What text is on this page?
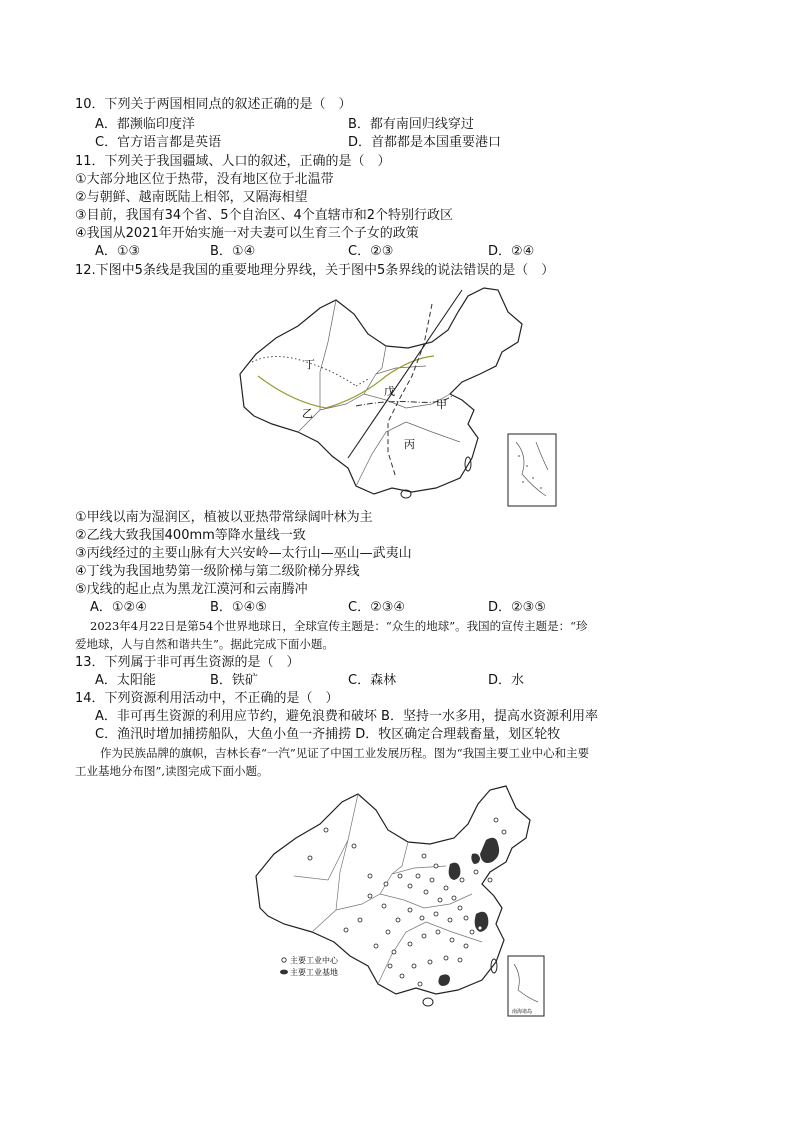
10．下列关于两国相同点的叙述正确的是（　）
A．都濒临印度洋	B．都有南回归线穿过
C．官方语言都是英语	D．首都都是本国重要港口
11．下列关于我国疆域、人口的叙述，正确的是（　）
①大部分地区位于热带，没有地区位于北温带
②与朝鲜、越南既陆上相邻，又隔海相望
③目前，我国有34个省、5个自治区、4个直辖市和2个特别行政区
④我国从2021年开始实施一对夫妻可以生育三个子女的政策
A．①③	B．①④	C．②③	D．②④
12.下图中5条线是我国的重要地理分界线，关于图中5条界线的说法错误的是（　）
丁
乙
戊
甲
丙
①甲线以南为湿润区，植被以亚热带常绿阔叶林为主
②乙线大致我国400mm等降水量线一致
③丙线经过的主要山脉有大兴安岭—太行山—巫山—武夷山
④丁线为我国地势第一级阶梯与第二级阶梯分界线
⑤戊线的起止点为黑龙江漠河和云南腾冲
A．①②④	B．①④⑤	C．②③④	D．②③⑤
2023年4月22日是第54个世界地球日，全球宣传主题是：“众生的地球”。我国的宣传主题是：“珍
爱地球，人与自然和谐共生”。据此完成下面小题。
13．下列属于非可再生资源的是（　）
A．太阳能	B．铁矿	C．森林	D．水
14．下列资源利用活动中，不正确的是（　）
A．非可再生资源的利用应节约，避免浪费和破坏 B．坚持一水多用，提高水资源利用率
C．渔汛时增加捕捞船队，大鱼小鱼一齐捕捞 D．牧区确定合理载畜量，划区轮牧
作为民族品牌的旗帜，吉林长春“一汽”见证了中国工业发展历程。图为“我国主要工业中心和主要
工业基地分布图”,读图完成下面小题。
主要工业中心
主要工业基地
南海诸岛
